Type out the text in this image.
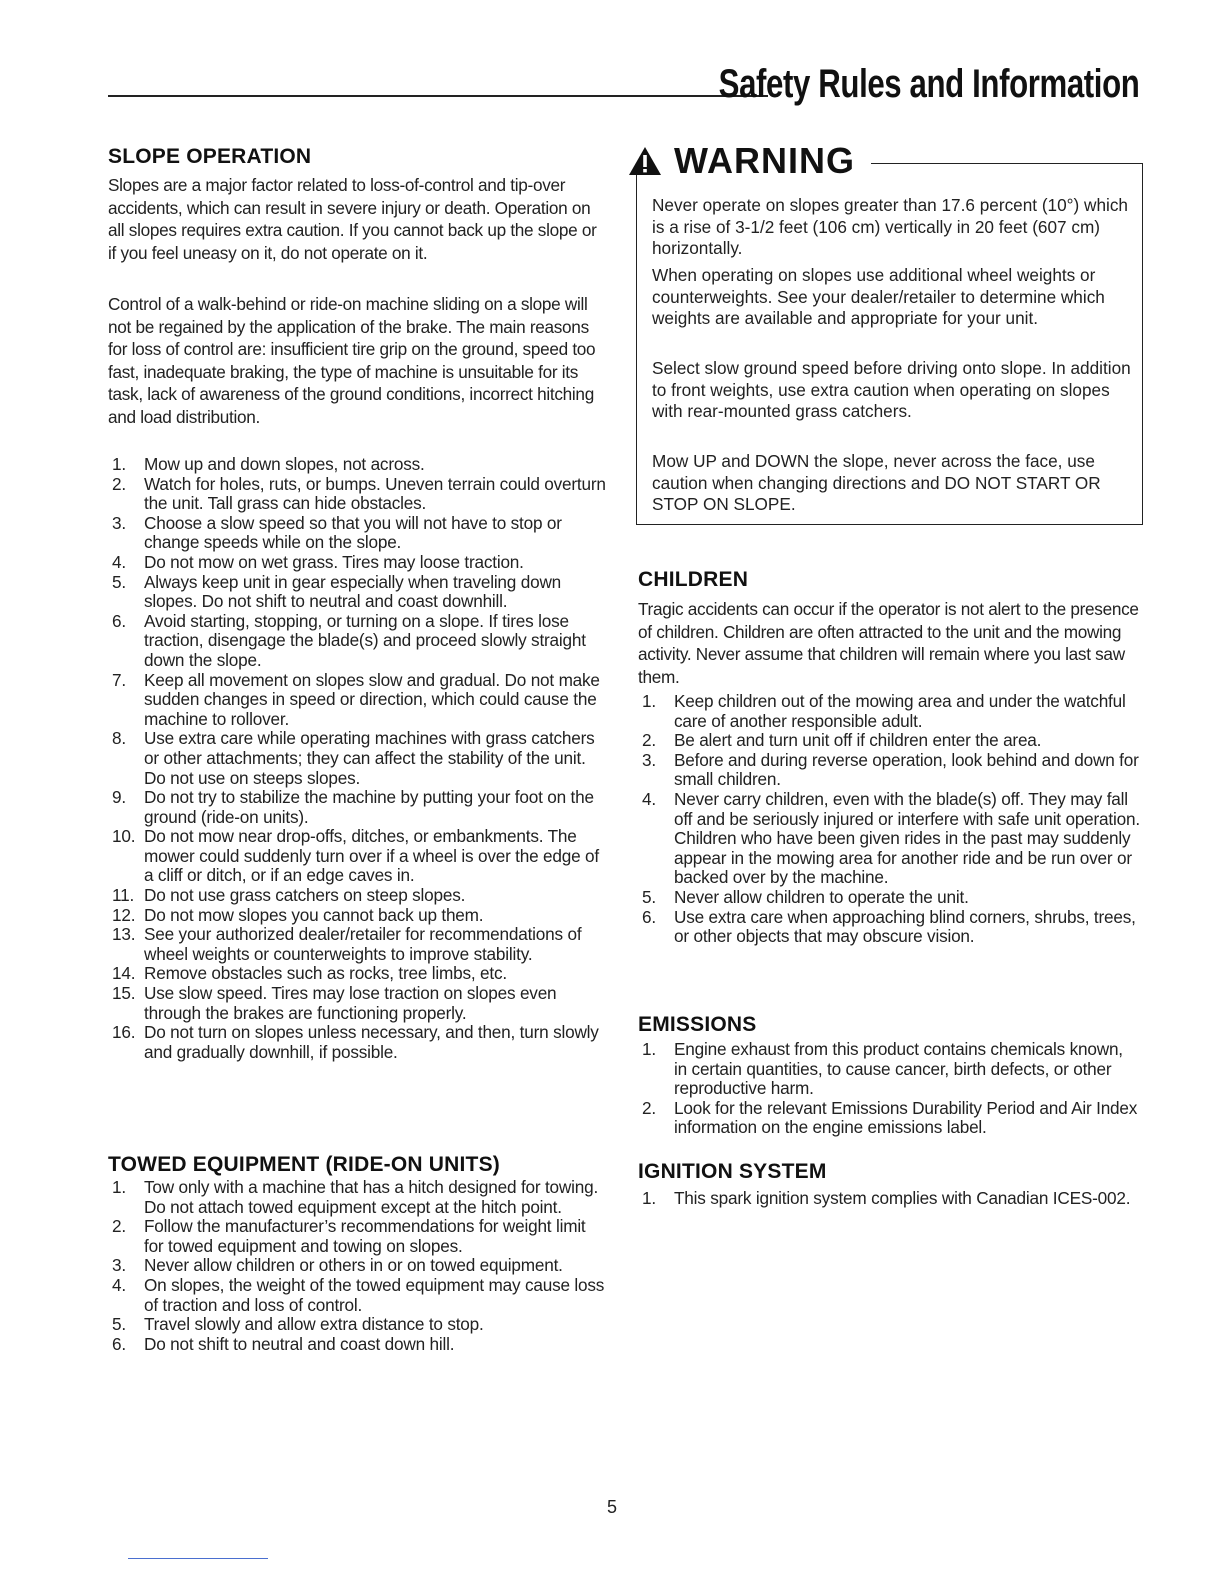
Safety Rules and Information
SLOPE OPERATION

Slopes are a major factor related to loss-of-control and tip-over accidents, which can result in severe injury or death. Operation on all slopes requires extra caution. If you cannot back up the slope or if you feel uneasy on it, do not operate on it.

Control of a walk-behind or ride-on machine sliding on a slope will not be regained by the application of the brake. The main reasons for loss of control are: insufficient tire grip on the ground, speed too fast, inadequate braking, the type of machine is unsuitable for its task, lack of awareness of the ground conditions, incorrect hitching and load distribution.

1.	Mow up and down slopes, not across.
2.	Watch for holes, ruts, or bumps. Uneven terrain could overturn the unit. Tall grass can hide obstacles.
3.	Choose a slow speed so that you will not have to stop or change speeds while on the slope.
4.	Do not mow on wet grass. Tires may loose traction.
5.	Always keep unit in gear especially when traveling down slopes. Do not shift to neutral and coast downhill.
6.	Avoid starting, stopping, or turning on a slope. If tires lose traction, disengage the blade(s) and proceed slowly straight down the slope.
7.	Keep all movement on slopes slow and gradual. Do not make sudden changes in speed or direction, which could cause the machine to rollover.
8.	Use extra care while operating machines with grass catchers or other attachments; they can affect the stability of the unit. Do not use on steeps slopes.
9.	Do not try to stabilize the machine by putting your foot on the ground (ride-on units).
10. Do not mow near drop-offs, ditches, or embankments. The mower could suddenly turn over if a wheel is over the edge of a cliff or ditch, or if an edge caves in.
11. Do not use grass catchers on steep slopes.
12. Do not mow slopes you cannot back up them.
13. See your authorized dealer/retailer for recommendations of wheel weights or counterweights to improve stability.
14. Remove obstacles such as rocks, tree limbs, etc.
15. Use slow speed. Tires may lose traction on slopes even through the brakes are functioning properly.
16. Do not turn on slopes unless necessary, and then, turn slowly and gradually downhill, if possible.
TOWED EQUIPMENT (RIDE-ON UNITS)
1.	Tow only with a machine that has a hitch designed for towing. Do not attach towed equipment except at the hitch point.
2.	Follow the manufacturer’s recommendations for weight limit for towed equipment and towing on slopes.
3.	Never allow children or others in or on towed equipment.
4.	On slopes, the weight of the towed equipment may cause loss of traction and loss of control.
5.	Travel slowly and allow extra distance to stop.
6.	Do not shift to neutral and coast down hill.
WARNING

Never operate on slopes greater than 17.6 percent (10°) which is a rise of 3-1/2 feet (106 cm) vertically in 20 feet (607 cm) horizontally.

When operating on slopes use additional wheel weights or counterweights. See your dealer/retailer to determine which weights are available and appropriate for your unit.

Select slow ground speed before driving onto slope. In addition to front weights, use extra caution when operating on slopes with rear-mounted grass catchers.

Mow UP and DOWN the slope, never across the face, use caution when changing directions and DO NOT START OR STOP ON SLOPE.

CHILDREN

Tragic accidents can occur if the operator is not alert to the presence of children. Children are often attracted to the unit and the mowing activity. Never assume that children will remain where you last saw them.

1.	Keep children out of the mowing area and under the watchful care of another responsible adult.
2.	Be alert and turn unit off if children enter the area.
3.	Before and during reverse operation, look behind and down for small children.
4.	Never carry children, even with the blade(s) off. They may fall off and be seriously injured or interfere with safe unit operation. Children who have been given rides in the past may suddenly appear in the mowing area for another ride and be run over or backed over by the machine.
5.	Never allow children to operate the unit.
6.	Use extra care when approaching blind corners, shrubs, trees, or other objects that may obscure vision.
EMISSIONS
1.	Engine exhaust from this product contains chemicals known, in certain quantities, to cause cancer, birth defects, or other reproductive harm.
2.	Look for the relevant Emissions Durability Period and Air Index information on the engine emissions label.
IGNITION SYSTEM
1.	This spark ignition system complies with Canadian ICES-002.

5
